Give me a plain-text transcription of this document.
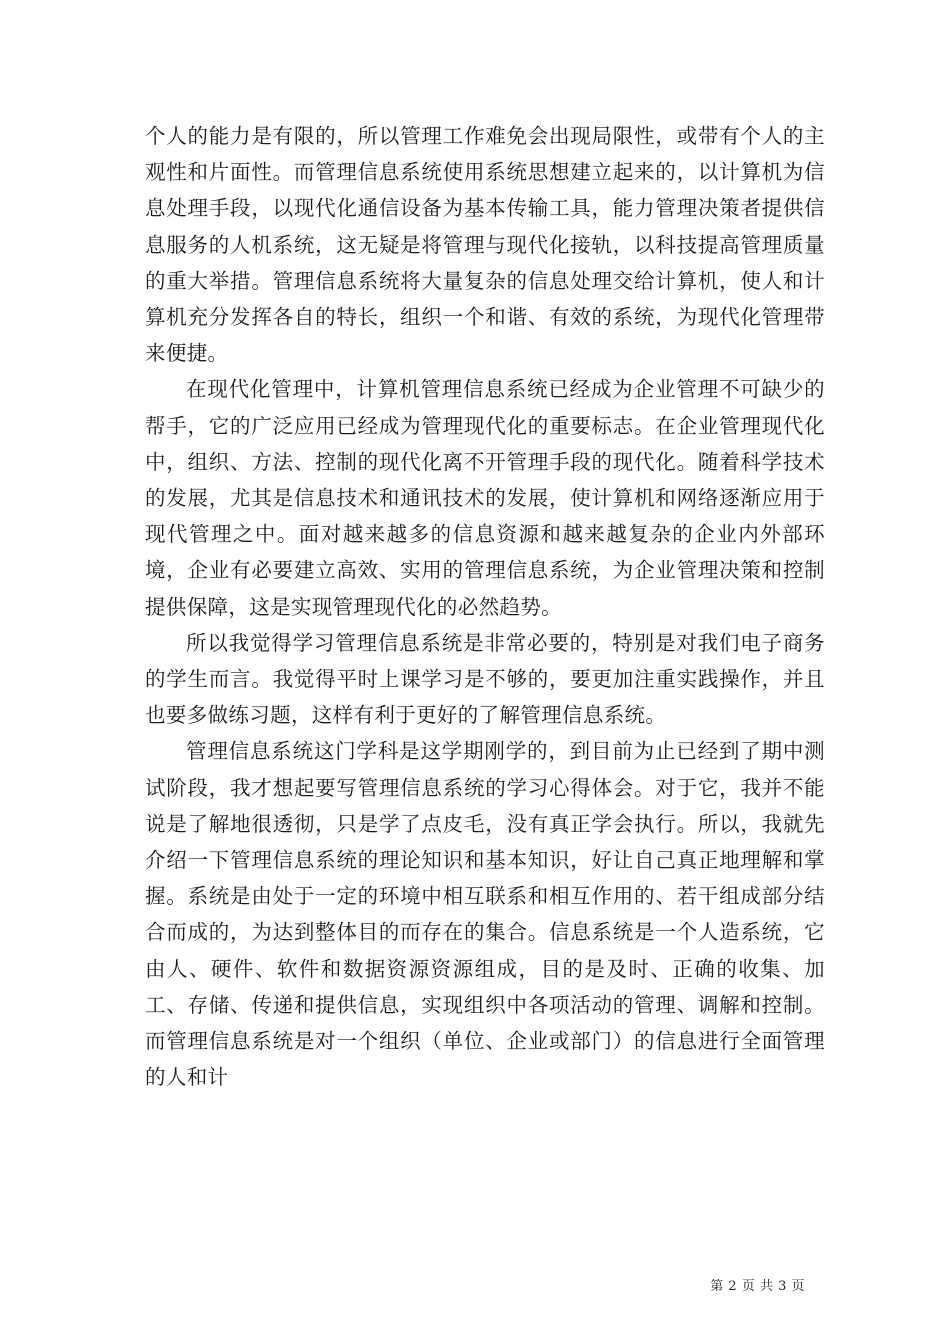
个人的能力是有限的，所以管理工作难免会出现局限性，或带有个人的主观性和片面性。而管理信息系统使用系统思想建立起来的，以计算机为信息处理手段，以现代化通信设备为基本传输工具，能力管理决策者提供信息服务的人机系统，这无疑是将管理与现代化接轨，以科技提高管理质量的重大举措。管理信息系统将大量复杂的信息处理交给计算机，使人和计算机充分发挥各自的特长，组织一个和谐、有效的系统，为现代化管理带来便捷。

在现代化管理中，计算机管理信息系统已经成为企业管理不可缺少的帮手，它的广泛应用已经成为管理现代化的重要标志。在企业管理现代化中，组织、方法、控制的现代化离不开管理手段的现代化。随着科学技术的发展，尤其是信息技术和通讯技术的发展，使计算机和网络逐渐应用于现代管理之中。面对越来越多的信息资源和越来越复杂的企业内外部环境，企业有必要建立高效、实用的管理信息系统，为企业管理决策和控制提供保障，这是实现管理现代化的必然趋势。

所以我觉得学习管理信息系统是非常必要的，特别是对我们电子商务的学生而言。我觉得平时上课学习是不够的，要更加注重实践操作，并且也要多做练习题，这样有利于更好的了解管理信息系统。

管理信息系统这门学科是这学期刚学的，到目前为止已经到了期中测试阶段，我才想起要写管理信息系统的学习心得体会。对于它，我并不能说是了解地很透彻，只是学了点皮毛，没有真正学会执行。所以，我就先介绍一下管理信息系统的理论知识和基本知识，好让自己真正地理解和掌握。系统是由处于一定的环境中相互联系和相互作用的、若干组成部分结合而成的，为达到整体目的而存在的集合。信息系统是一个人造系统，它由人、硬件、软件和数据资源资源组成，目的是及时、正确的收集、加工、存储、传递和提供信息，实现组织中各项活动的管理、调解和控制。而管理信息系统是对一个组织（单位、企业或部门）的信息进行全面管理的人和计

第 2 页 共 3 页
